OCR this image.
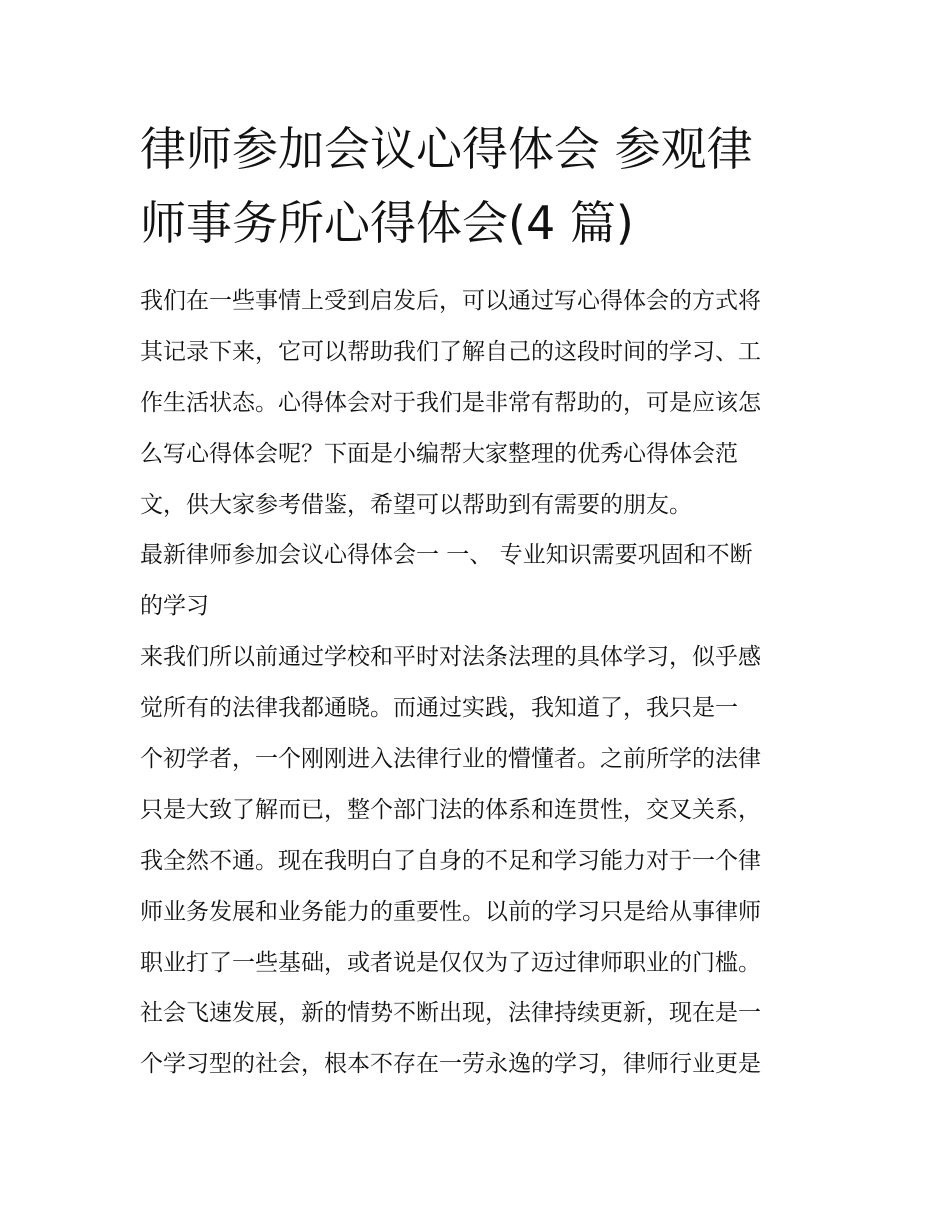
律师参加会议心得体会 参观律
师事务所心得体会(4 篇)
我们在一些事情上受到启发后，可以通过写心得体会的方式将
其记录下来，它可以帮助我们了解自己的这段时间的学习、工
作生活状态。心得体会对于我们是非常有帮助的，可是应该怎
么写心得体会呢？下面是小编帮大家整理的优秀心得体会范
文，供大家参考借鉴，希望可以帮助到有需要的朋友。
最新律师参加会议心得体会一 一、 专业知识需要巩固和不断
的学习
来我们所以前通过学校和平时对法条法理的具体学习，似乎感
觉所有的法律我都通晓。而通过实践，我知道了，我只是一
个初学者，一个刚刚进入法律行业的懵懂者。之前所学的法律
只是大致了解而已，整个部门法的体系和连贯性，交叉关系，
我全然不通。现在我明白了自身的不足和学习能力对于一个律
师业务发展和业务能力的重要性。以前的学习只是给从事律师
职业打了一些基础，或者说是仅仅为了迈过律师职业的门槛。
社会飞速发展，新的情势不断出现，法律持续更新，现在是一
个学习型的社会，根本不存在一劳永逸的学习，律师行业更是
